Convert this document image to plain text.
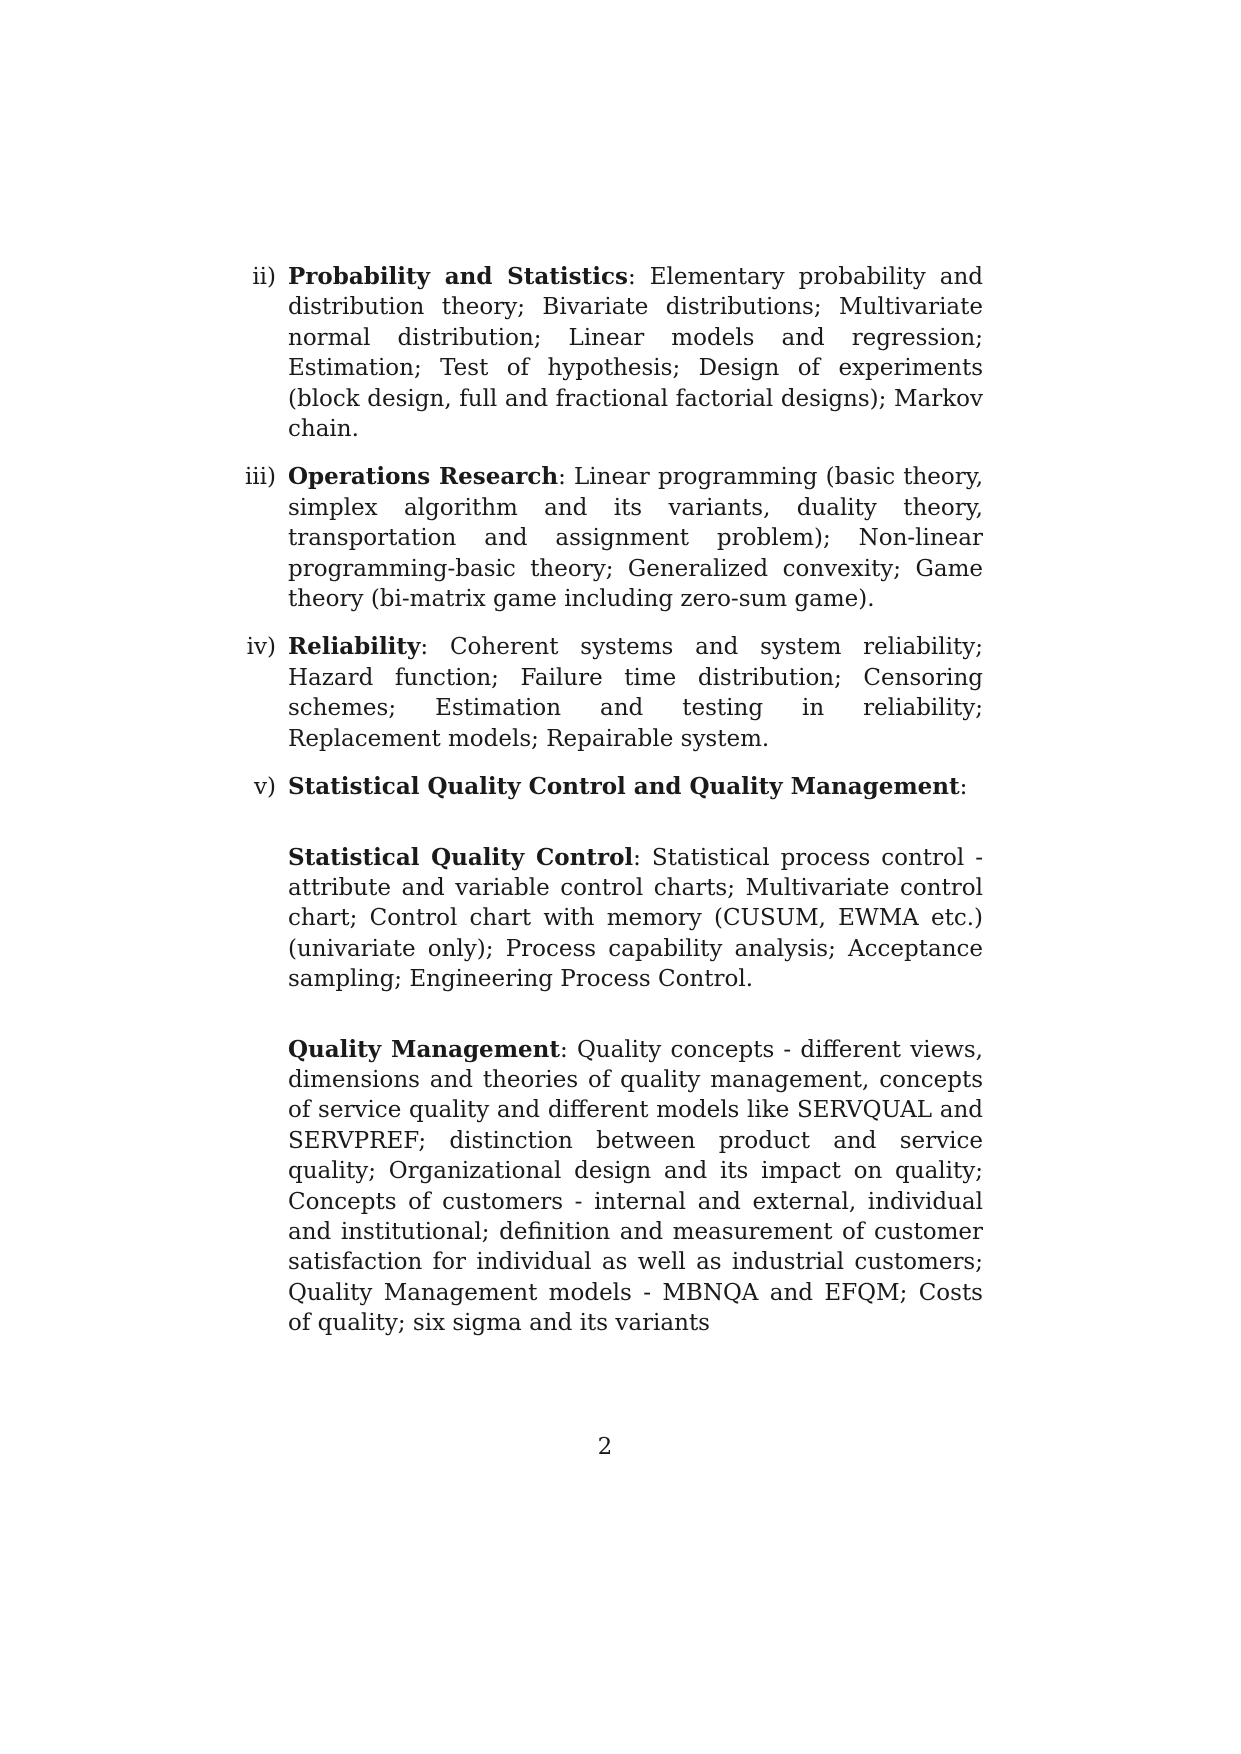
ii) Probability and Statistics: Elementary probability and distribution theory; Bivariate distributions; Multivariate normal distribution; Linear models and regression; Estimation; Test of hypothesis; Design of experiments (block design, full and fractional factorial designs); Markov chain.
iii) Operations Research: Linear programming (basic theory, simplex algorithm and its variants, duality theory, transportation and assignment problem); Non-linear programming-basic theory; Generalized convexity; Game theory (bi-matrix game including zero-sum game).
iv) Reliability: Coherent systems and system reliability; Hazard function; Failure time distribution; Censoring schemes; Estimation and testing in reliability; Replacement models; Repairable system.
v) Statistical Quality Control and Quality Management:
Statistical Quality Control: Statistical process control - attribute and variable control charts; Multivariate control chart; Control chart with memory (CUSUM, EWMA etc.) (univariate only); Process capability analysis; Acceptance sampling; Engineering Process Control.
Quality Management: Quality concepts - different views, dimensions and theories of quality management, concepts of service quality and different models like SERVQUAL and SERVPREF; distinction between product and service quality; Organizational design and its impact on quality; Concepts of customers - internal and external, individual and institutional; definition and measurement of customer satisfaction for individual as well as industrial customers; Quality Management models - MBNQA and EFQM; Costs of quality; six sigma and its variants
2
